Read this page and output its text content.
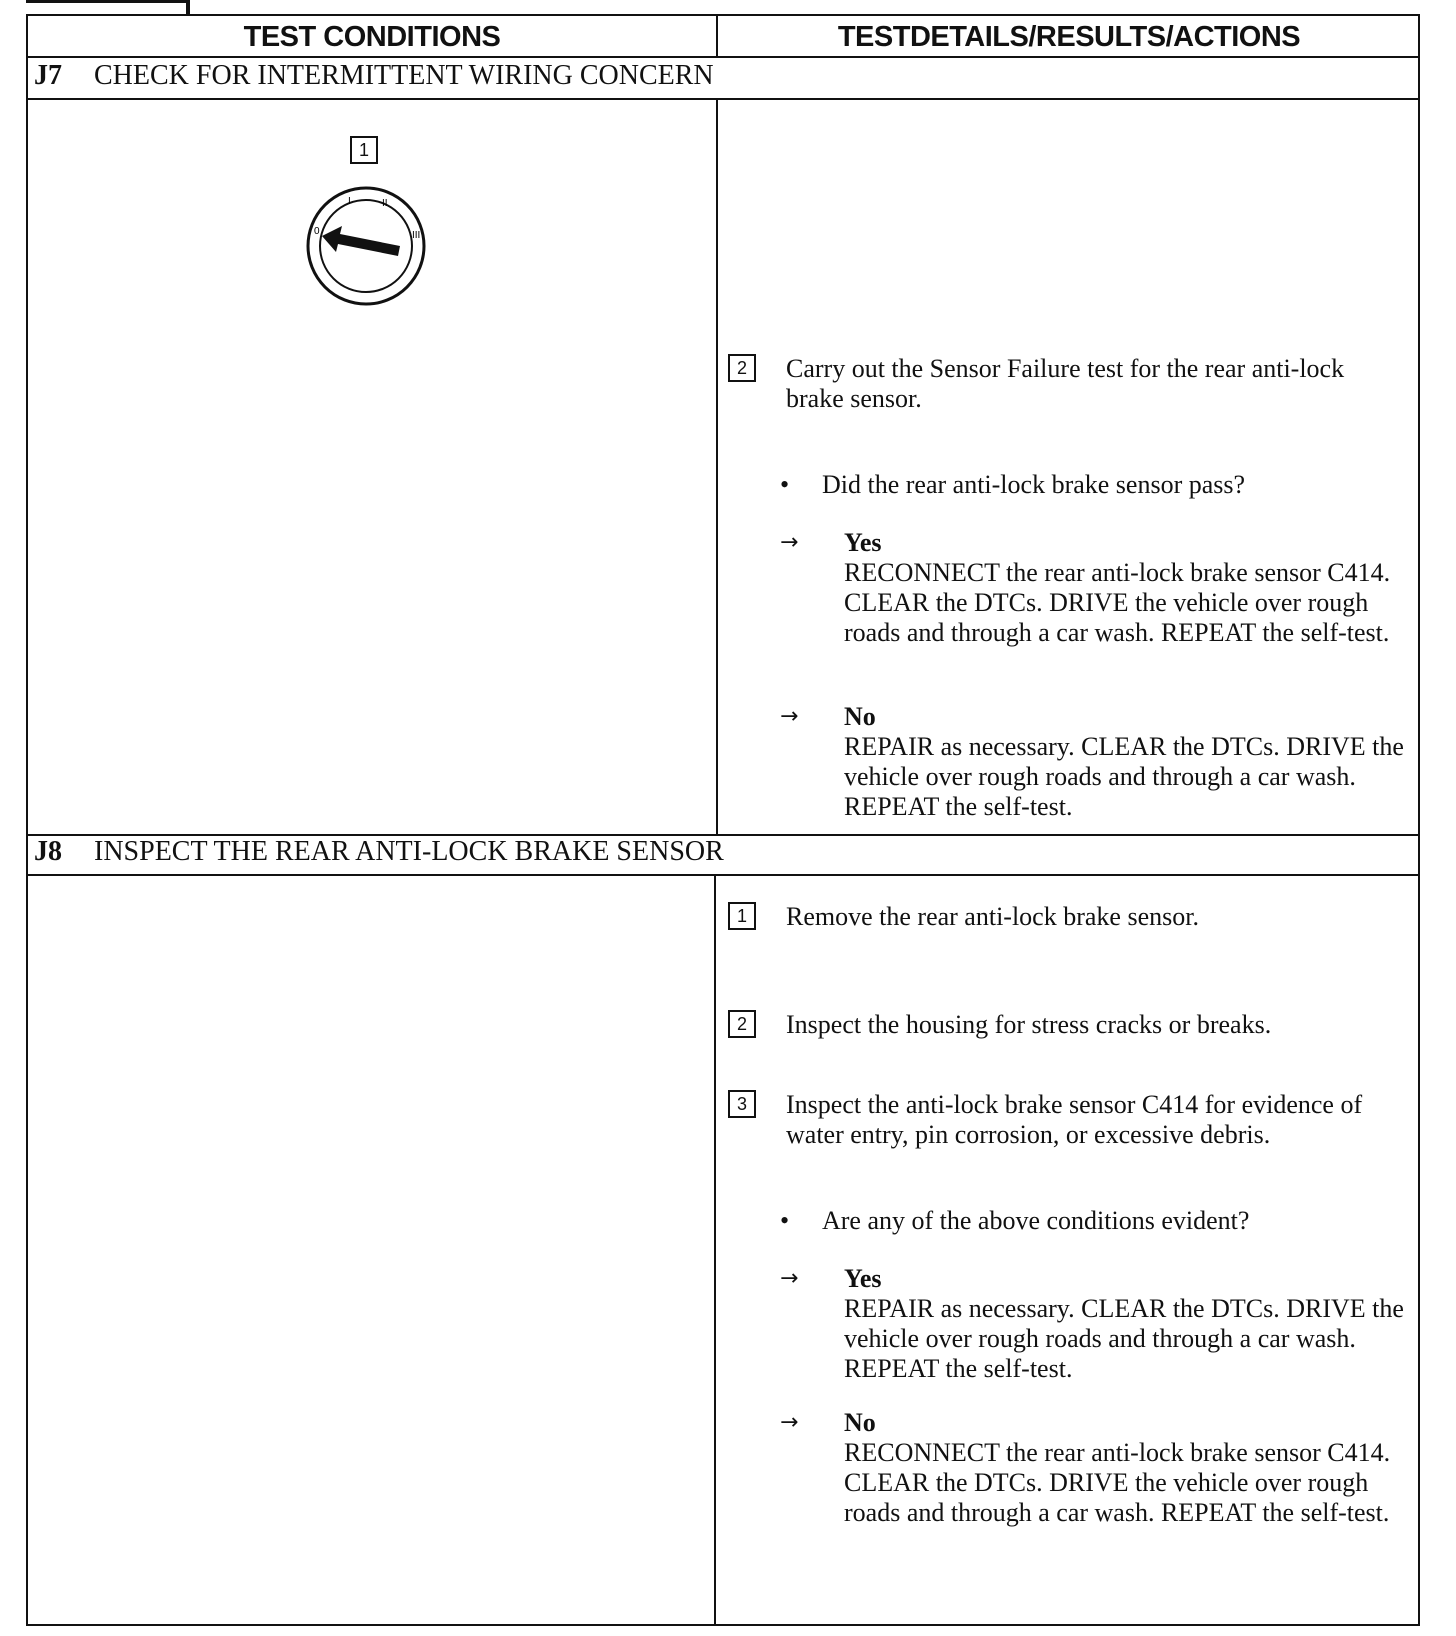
TEST CONDITIONS	TESTDETAILS/RESULTS/ACTIONS
J7 CHECK FOR INTERMITTENT WIRING CONCERN
1
0
I	II
III
2	Carry out the Sensor Failure test for the rear anti-lock brake sensor.
• Did the rear anti-lock brake sensor pass?
→ Yes
RECONNECT the rear anti-lock brake sensor C414. CLEAR the DTCs. DRIVE the vehicle over rough roads and through a car wash. REPEAT the self-test.
→ No
REPAIR as necessary. CLEAR the DTCs. DRIVE the vehicle over rough roads and through a car wash. REPEAT the self-test.
J8 INSPECT THE REAR ANTI-LOCK BRAKE SENSOR
1	Remove the rear anti-lock brake sensor.
2	Inspect the housing for stress cracks or breaks.
3	Inspect the anti-lock brake sensor C414 for evidence of water entry, pin corrosion, or excessive debris.
• Are any of the above conditions evident?
→ Yes
REPAIR as necessary. CLEAR the DTCs. DRIVE the vehicle over rough roads and through a car wash. REPEAT the self-test.
→ No
RECONNECT the rear anti-lock brake sensor C414. CLEAR the DTCs. DRIVE the vehicle over rough roads and through a car wash. REPEAT the self-test.
